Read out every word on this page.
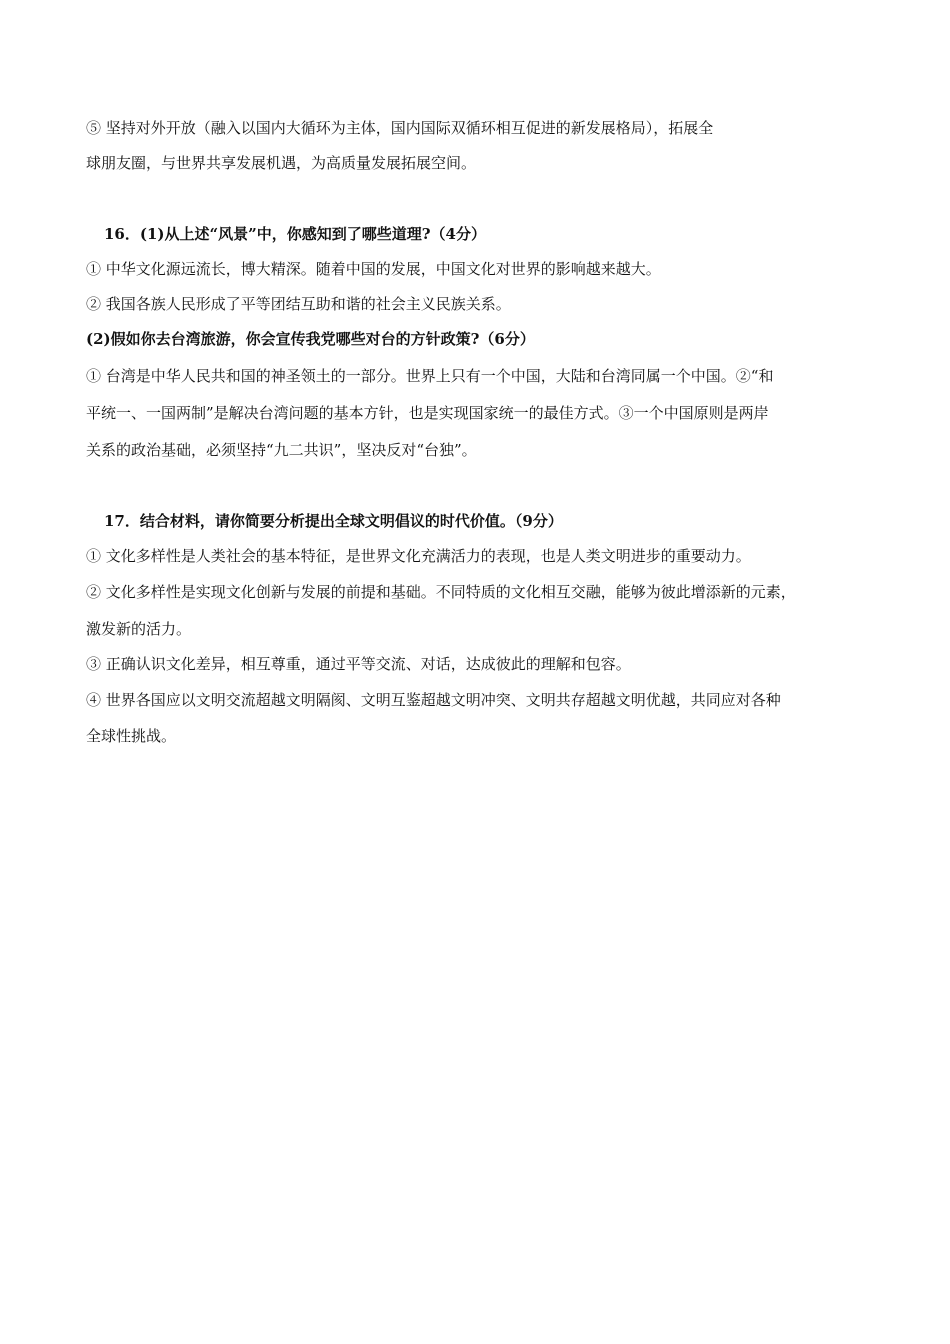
⑤ 坚持对外开放（融入以国内大循环为主体，国内国际双循环相互促进的新发展格局），拓展全
球朋友圈，与世界共享发展机遇，为高质量发展拓展空间。
16．(1)从上述“风景”中，你感知到了哪些道理?（4分）
① 中华文化源远流长，博大精深。随着中国的发展，中国文化对世界的影响越来越大。
② 我国各族人民形成了平等团结互助和谐的社会主义民族关系。
(2)假如你去台湾旅游，你会宣传我党哪些对台的方针政策?（6分）
① 台湾是中华人民共和国的神圣领土的一部分。世界上只有一个中国，大陆和台湾同属一个中国。②“和
平统一、一国两制”是解决台湾问题的基本方针，也是实现国家统一的最佳方式。③一个中国原则是两岸
关系的政治基础，必须坚持“九二共识”，坚决反对“台独”。
17．结合材料，请你简要分析提出全球文明倡议的时代价值。（9分）
① 文化多样性是人类社会的基本特征，是世界文化充满活力的表现，也是人类文明进步的重要动力。
② 文化多样性是实现文化创新与发展的前提和基础。不同特质的文化相互交融，能够为彼此增添新的元素，
激发新的活力。
③ 正确认识文化差异，相互尊重，通过平等交流、对话，达成彼此的理解和包容。
④ 世界各国应以文明交流超越文明隔阂、文明互鉴超越文明冲突、文明共存超越文明优越，共同应对各种
全球性挑战。
